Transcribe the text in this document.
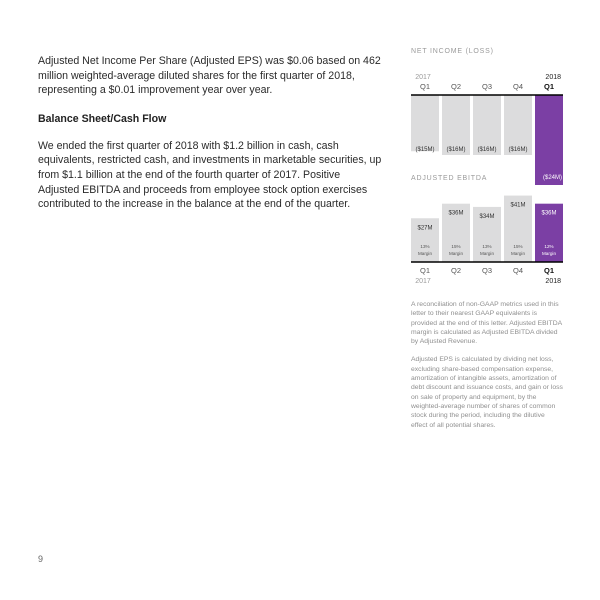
Adjusted Net Income Per Share (Adjusted EPS) was $0.06 based on 462 million weighted-average diluted shares for the first quarter of 2018, representing a $0.01 improvement year over year.

Balance Sheet/Cash Flow

We ended the first quarter of 2018 with $1.2 billion in cash, cash equivalents, restricted cash, and investments in marketable securities, up from $1.1 billion at the end of the fourth quarter of 2017. Positive Adjusted EBITDA and proceeds from employee stock option exercises contributed to the increase in the balance at the end of the quarter.

9

NET INCOME (LOSS)

2017	2018
Q1	Q2	Q3	Q4	Q1
($15M) ($16M) ($16M) ($16M)
($24M)

ADJUSTED EBITDA

$27M
13%
Margin
$36M
15%
Margin
$34M
13%
Margin
$41M
15%
Margin
$36M
12%
Margin
Q1	Q2	Q3	Q4	Q1
2017	2018

A reconciliation of non-GAAP metrics used in this letter to their nearest GAAP equivalents is provided at the end of this letter. Adjusted EBITDA margin is calculated as Adjusted EBITDA divided by Adjusted Revenue.

Adjusted EPS is calculated by dividing net loss, excluding share-based compensation expense, amortization of intangible assets, amortization of debt discount and issuance costs, and gain or loss on sale of property and equipment, by the weighted-average number of shares of common stock during the period, including the dilutive effect of all potential shares.
